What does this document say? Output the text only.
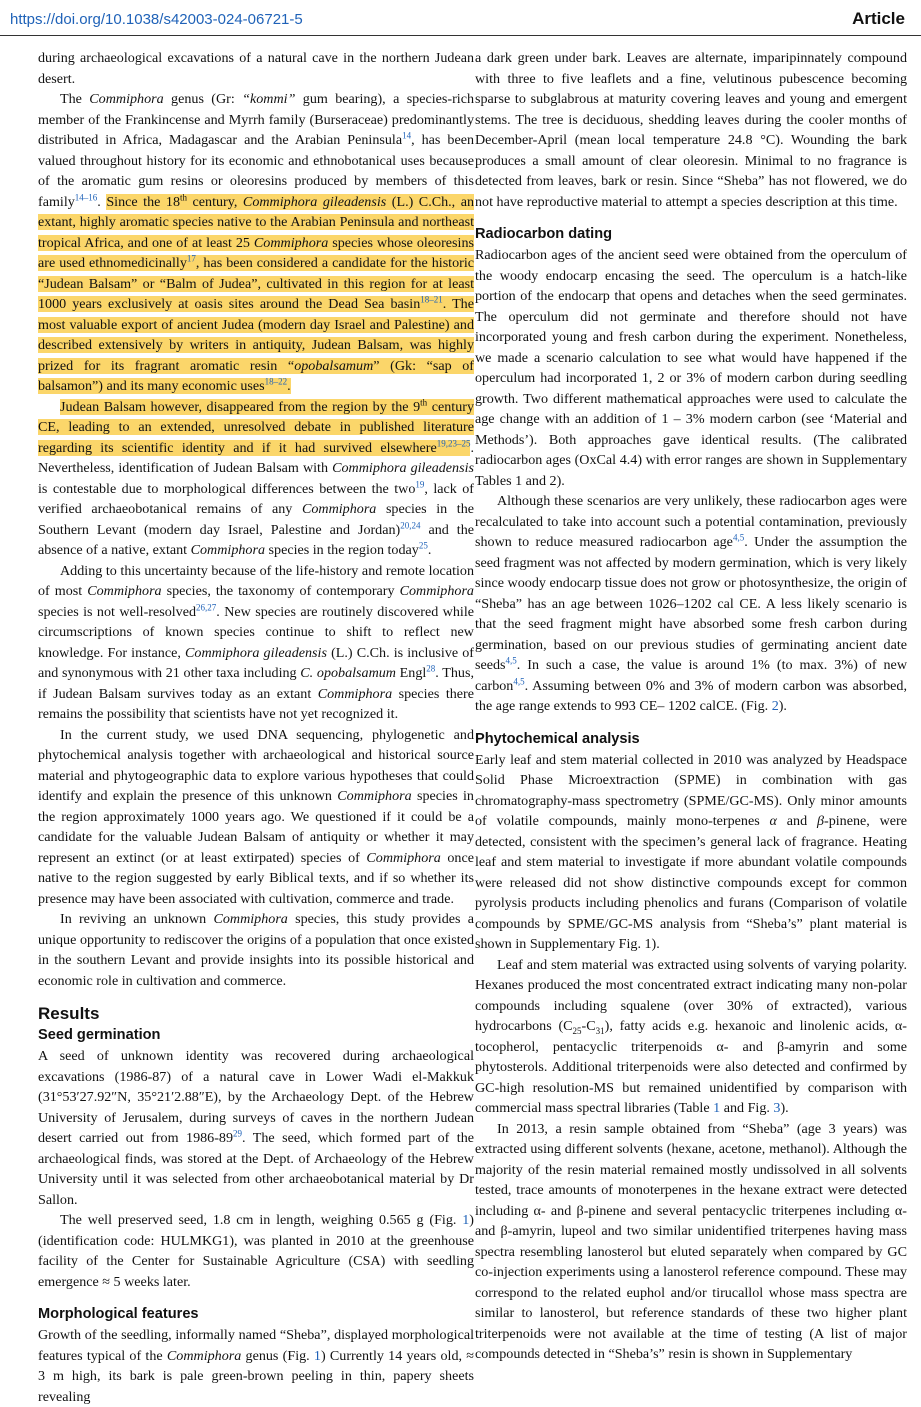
https://doi.org/10.1038/s42003-024-06721-5	Article

during archaeological excavations of a natural cave in the northern Judean desert.

The Commiphora genus (Gr: “kommi” gum bearing), a species-rich member of the Frankincense and Myrrh family (Burseraceae) predominantly distributed in Africa, Madagascar and the Arabian Peninsula$^{14}$, has been valued throughout history for its economic and ethnobotanical uses because of the aromatic gum resins or oleoresins produced by members of this family$^{14-16}$. Since the 18th century, Commiphora gileadensis (L.) C.Ch., an extant, highly aromatic species native to the Arabian Peninsula and northeast tropical Africa, and one of at least 25 Commiphora species whose oleoresins are used ethnomedicinally$^{17}$, has been considered a candidate for the historic “Judean Balsam” or “Balm of Judea”, cultivated in this region for at least 1000 years exclusively at oasis sites around the Dead Sea basin$^{18-21}$. The most valuable export of ancient Judea (modern day Israel and Palestine) and described extensively by writers in antiquity, Judean Balsam, was highly prized for its fragrant aromatic resin “opobalsamum” (Gk: “sap of balsamon”) and its many economic uses$^{18-22}$.

Judean Balsam however, disappeared from the region by the 9th century CE, leading to an extended, unresolved debate in published literature regarding its scientific identity and if it had survived elsewhere$^{19,23-25}$. Nevertheless, identification of Judean Balsam with Commiphora gileadensis is contestable due to morphological differences between the two$^{19}$, lack of verified archaeobotanical remains of any Commiphora species in the Southern Levant (modern day Israel, Palestine and Jordan)$^{20,24}$ and the absence of a native, extant Commiphora species in the region today$^{25}$.

Adding to this uncertainty because of the life-history and remote location of most Commiphora species, the taxonomy of contemporary Commiphora species is not well-resolved$^{26,27}$. New species are routinely discovered while circumscriptions of known species continue to shift to reflect new knowledge. For instance, Commiphora gileadensis (L.) C.Ch. is inclusive of and synonymous with 21 other taxa including C. opobalsamum Engl$^{28}$. Thus, if Judean Balsam survives today as an extant Commiphora species there remains the possibility that scientists have not yet recognized it.

In the current study, we used DNA sequencing, phylogenetic and phytochemical analysis together with archaeological and historical source material and phytogeographic data to explore various hypotheses that could identify and explain the presence of this unknown Commiphora species in the region approximately 1000 years ago. We questioned if it could be a candidate for the valuable Judean Balsam of antiquity or whether it may represent an extinct (or at least extirpated) species of Commiphora once native to the region suggested by early Biblical texts, and if so whether its presence may have been associated with cultivation, commerce and trade.

In reviving an unknown Commiphora species, this study provides a unique opportunity to rediscover the origins of a population that once existed in the southern Levant and provide insights into its possible historical and economic role in cultivation and commerce.

Results
Seed germination

A seed of unknown identity was recovered during archaeological excavations (1986-87) of a natural cave in Lower Wadi el-Makkuk (31°53′27.92″N, 35°21′2.88″E), by the Archaeology Dept. of the Hebrew University of Jerusalem, during surveys of caves in the northern Judean desert carried out from $1986-89^{29}$. The seed, which formed part of the archaeological finds, was stored at the Dept. of Archaeology of the Hebrew University until it was selected from other archaeobotanical material by Dr Sallon.

The well preserved seed, 1.8 cm in length, weighing 0.565 g (Fig. 1) (identification code: HULMKG1), was planted in 2010 at the greenhouse facility of the Center for Sustainable Agriculture (CSA) with seedling emergence ≈ 5 weeks later.

Morphological features

Growth of the seedling, informally named “Sheba”, displayed morphological features typical of the Commiphora genus (Fig. 1) Currently 14 years old, ≈ 3 m high, its bark is pale green-brown peeling in thin, papery sheets revealing

a dark green under bark. Leaves are alternate, imparipinnately compound with three to five leaflets and a fine, velutinous pubescence becoming sparse to subglabrous at maturity covering leaves and young and emergent stems. The tree is deciduous, shedding leaves during the cooler months of December-April (mean local temperature 24.8 °C). Wounding the bark produces a small amount of clear oleoresin. Minimal to no fragrance is detected from leaves, bark or resin. Since “Sheba” has not flowered, we do not have reproductive material to attempt a species description at this time.

Radiocarbon dating

Radiocarbon ages of the ancient seed were obtained from the operculum of the woody endocarp encasing the seed. The operculum is a hatch-like portion of the endocarp that opens and detaches when the seed germinates. The operculum did not germinate and therefore should not have incorporated young and fresh carbon during the experiment. Nonetheless, we made a scenario calculation to see what would have happened if the operculum had incorporated 1, 2 or 3% of modern carbon during seedling growth. Two different mathematical approaches were used to calculate the age change with an addition of 1 – 3% modern carbon (see ‘Material and Methods’). Both approaches gave identical results. (The calibrated radiocarbon ages (OxCal 4.4) with error ranges are shown in Supplementary Tables 1 and 2).

Although these scenarios are very unlikely, these radiocarbon ages were recalculated to take into account such a potential contamination, previously shown to reduce measured radiocarbon age$^{4,5}$. Under the assumption the seed fragment was not affected by modern germination, which is very likely since woody endocarp tissue does not grow or photosynthesize, the origin of “Sheba” has an age between 1026–1202 cal CE. A less likely scenario is that the seed fragment might have absorbed some fresh carbon during germination, based on our previous studies of germinating ancient date seeds$^{4,5}$. In such a case, the value is around 1% (to max. 3%) of new carbon$^{4,5}$. Assuming between 0% and 3% of modern carbon was absorbed, the age range extends to 993 CE– 1202 calCE. (Fig. 2).

Phytochemical analysis

Early leaf and stem material collected in 2010 was analyzed by Headspace Solid Phase Microextraction (SPME) in combination with gas chromatography-mass spectrometry (SPME/GC-MS). Only minor amounts of volatile compounds, mainly mono-terpenes α and β-pinene, were detected, consistent with the specimen’s general lack of fragrance. Heating leaf and stem material to investigate if more abundant volatile compounds were released did not show distinctive compounds except for common pyrolysis products including phenolics and furans (Comparison of volatile compounds by SPME/GC-MS analysis from “Sheba’s” plant material is shown in Supplementary Fig. 1).

Leaf and stem material was extracted using solvents of varying polarity. Hexanes produced the most concentrated extract indicating many non-polar compounds including squalene (over 30% of extracted), various hydrocarbons $(C_{25}-C_{31})$, fatty acids e.g. hexanoic and linolenic acids, α-tocopherol, pentacyclic triterpenoids α- and β-amyrin and some phytosterols. Additional triterpenoids were also detected and confirmed by GC-high resolution-MS but remained unidentified by comparison with commercial mass spectral libraries (Table 1 and Fig. 3).

In 2013, a resin sample obtained from “Sheba” (age 3 years) was extracted using different solvents (hexane, acetone, methanol). Although the majority of the resin material remained mostly undissolved in all solvents tested, trace amounts of monoterpenes in the hexane extract were detected including α- and β-pinene and several pentacyclic triterpenes including α- and β-amyrin, lupeol and two similar unidentified triterpenes having mass spectra resembling lanosterol but eluted separately when compared by GC co-injection experiments using a lanosterol reference compound. These may correspond to the related euphol and/or tirucallol whose mass spectra are similar to lanosterol, but reference standards of these two higher plant triterpenoids were not available at the time of testing (A list of major compounds detected in “Sheba’s” resin is shown in Supplementary
